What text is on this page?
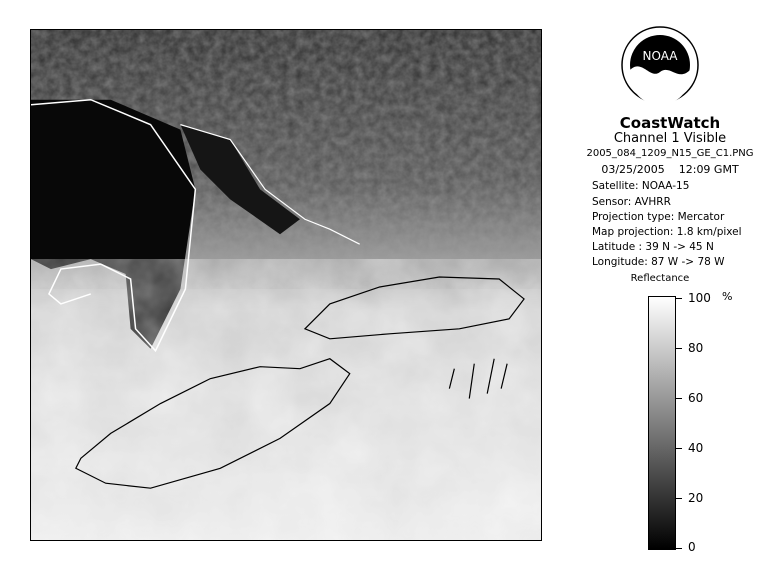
NOAA
CoastWatch
Channel 1 Visible
2005_084_1209_N15_GE_C1.PNG
03/25/2005 12:09 GMT
Satellite: NOAA-15
Sensor: AVHRR
Projection type: Mercator
Map projection: 1.8 km/pixel
Latitude : 39 N -> 45 N
Longitude: 87 W -> 78 W
Reflectance
%
100
80
60
40
20
0
